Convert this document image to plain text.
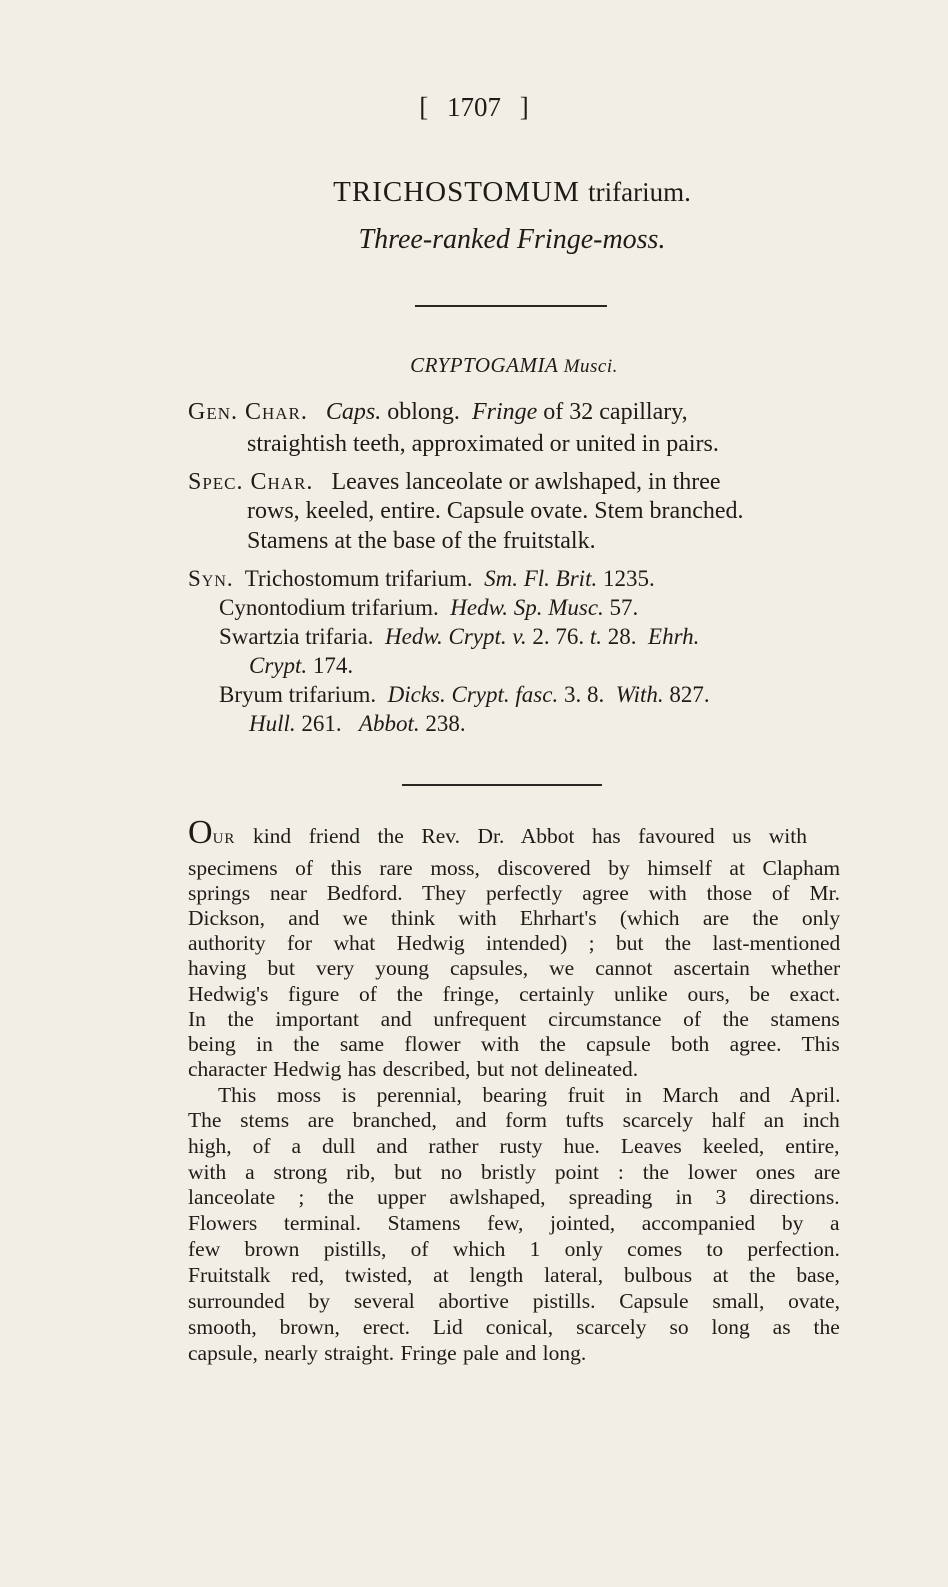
[ 1707 ]
TRICHOSTOMUM trifarium.
Three-ranked Fringe-moss.
CRYPTOGAMIA Musci.
Gen. Char. Caps. oblong. Fringe of 32 capillary,
straightish teeth, approximated or united in pairs.
Spec. Char. Leaves lanceolate or awlshaped, in three
rows, keeled, entire. Capsule ovate. Stem branched.
Stamens at the base of the fruitstalk.
Syn. Trichostomum trifarium. Sm. Fl. Brit. 1235.
Cynontodium trifarium. Hedw. Sp. Musc. 57.
Swartzia trifaria. Hedw. Crypt. v. 2. 76. t. 28. Ehrh.
Crypt. 174.
Bryum trifarium. Dicks. Crypt. fasc. 3. 8. With. 827.
Hull. 261. Abbot. 238.
Our kind friend the Rev. Dr. Abbot has favoured us with
specimens of this rare moss, discovered by himself at Clapham
springs near Bedford. They perfectly agree with those of Mr.
Dickson, and we think with Ehrhart's (which are the only
authority for what Hedwig intended) ; but the last-mentioned
having but very young capsules, we cannot ascertain whether
Hedwig's figure of the fringe, certainly unlike ours, be exact.
In the important and unfrequent circumstance of the stamens
being in the same flower with the capsule both agree. This
character Hedwig has described, but not delineated.
This moss is perennial, bearing fruit in March and April.
The stems are branched, and form tufts scarcely half an inch
high, of a dull and rather rusty hue. Leaves keeled, entire,
with a strong rib, but no bristly point : the lower ones are
lanceolate ; the upper awlshaped, spreading in 3 directions.
Flowers terminal. Stamens few, jointed, accompanied by a
few brown pistills, of which 1 only comes to perfection.
Fruitstalk red, twisted, at length lateral, bulbous at the base,
surrounded by several abortive pistills. Capsule small, ovate,
smooth, brown, erect. Lid conical, scarcely so long as the
capsule, nearly straight. Fringe pale and long.
